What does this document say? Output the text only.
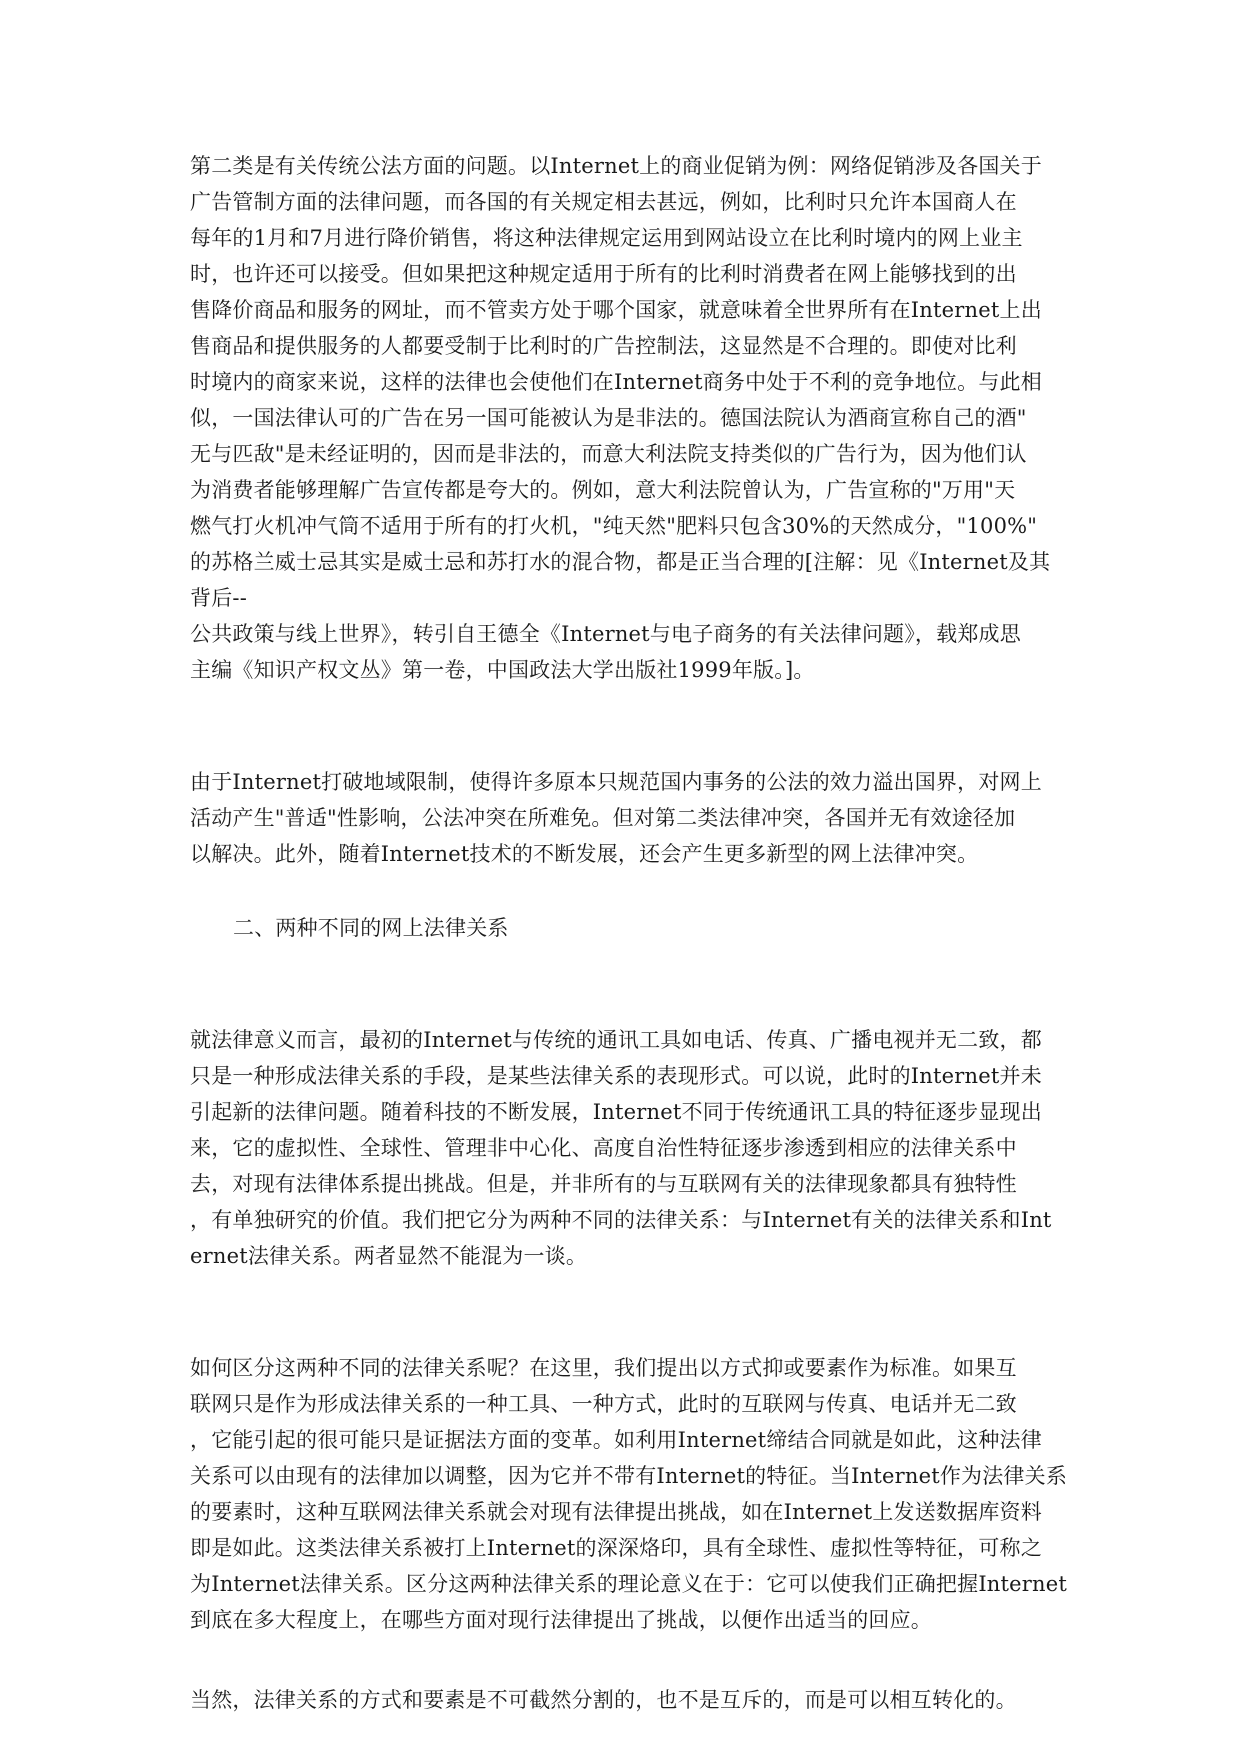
第二类是有关传统公法方面的问题。以Internet上的商业促销为例：网络促销涉及各国关于

广告管制方面的法律问题，而各国的有关规定相去甚远，例如，比利时只允许本国商人在

每年的1月和7月进行降价销售，将这种法律规定运用到网站设立在比利时境内的网上业主

时，也许还可以接受。但如果把这种规定适用于所有的比利时消费者在网上能够找到的出

售降价商品和服务的网址，而不管卖方处于哪个国家，就意味着全世界所有在Internet上出

售商品和提供服务的人都要受制于比利时的广告控制法，这显然是不合理的。即使对比利

时境内的商家来说，这样的法律也会使他们在Internet商务中处于不利的竞争地位。与此相

似，一国法律认可的广告在另一国可能被认为是非法的。德国法院认为酒商宣称自己的酒"

无与匹敌"是未经证明的，因而是非法的，而意大利法院支持类似的广告行为，因为他们认

为消费者能够理解广告宣传都是夸大的。例如，意大利法院曾认为，广告宣称的"万用"天

燃气打火机冲气筒不适用于所有的打火机，"纯天然"肥料只包含30%的天然成分，"100%"

的苏格兰威士忌其实是威士忌和苏打水的混合物，都是正当合理的[注解：见《Internet及其

背后--

公共政策与线上世界》，转引自王德全《Internet与电子商务的有关法律问题》，载郑成思

主编《知识产权文丛》第一卷，中国政法大学出版社1999年版。]。

由于Internet打破地域限制，使得许多原本只规范国内事务的公法的效力溢出国界，对网上

活动产生"普适"性影响，公法冲突在所难免。但对第二类法律冲突，各国并无有效途径加

以解决。此外，随着Internet技术的不断发展，还会产生更多新型的网上法律冲突。

二、两种不同的网上法律关系

就法律意义而言，最初的Internet与传统的通讯工具如电话、传真、广播电视并无二致，都

只是一种形成法律关系的手段，是某些法律关系的表现形式。可以说，此时的Internet并未

引起新的法律问题。随着科技的不断发展，Internet不同于传统通讯工具的特征逐步显现出

来，它的虚拟性、全球性、管理非中心化、高度自治性特征逐步渗透到相应的法律关系中

去，对现有法律体系提出挑战。但是，并非所有的与互联网有关的法律现象都具有独特性

，有单独研究的价值。我们把它分为两种不同的法律关系：与Internet有关的法律关系和Int

ernet法律关系。两者显然不能混为一谈。

如何区分这两种不同的法律关系呢？在这里，我们提出以方式抑或要素作为标准。如果互

联网只是作为形成法律关系的一种工具、一种方式，此时的互联网与传真、电话并无二致

，它能引起的很可能只是证据法方面的变革。如利用Internet缔结合同就是如此，这种法律

关系可以由现有的法律加以调整，因为它并不带有Internet的特征。当Internet作为法律关系

的要素时，这种互联网法律关系就会对现有法律提出挑战，如在Internet上发送数据库资料

即是如此。这类法律关系被打上Internet的深深烙印，具有全球性、虚拟性等特征，可称之

为Internet法律关系。区分这两种法律关系的理论意义在于：它可以使我们正确把握Internet

到底在多大程度上，在哪些方面对现行法律提出了挑战，以便作出适当的回应。

当然，法律关系的方式和要素是不可截然分割的，也不是互斥的，而是可以相互转化的。
